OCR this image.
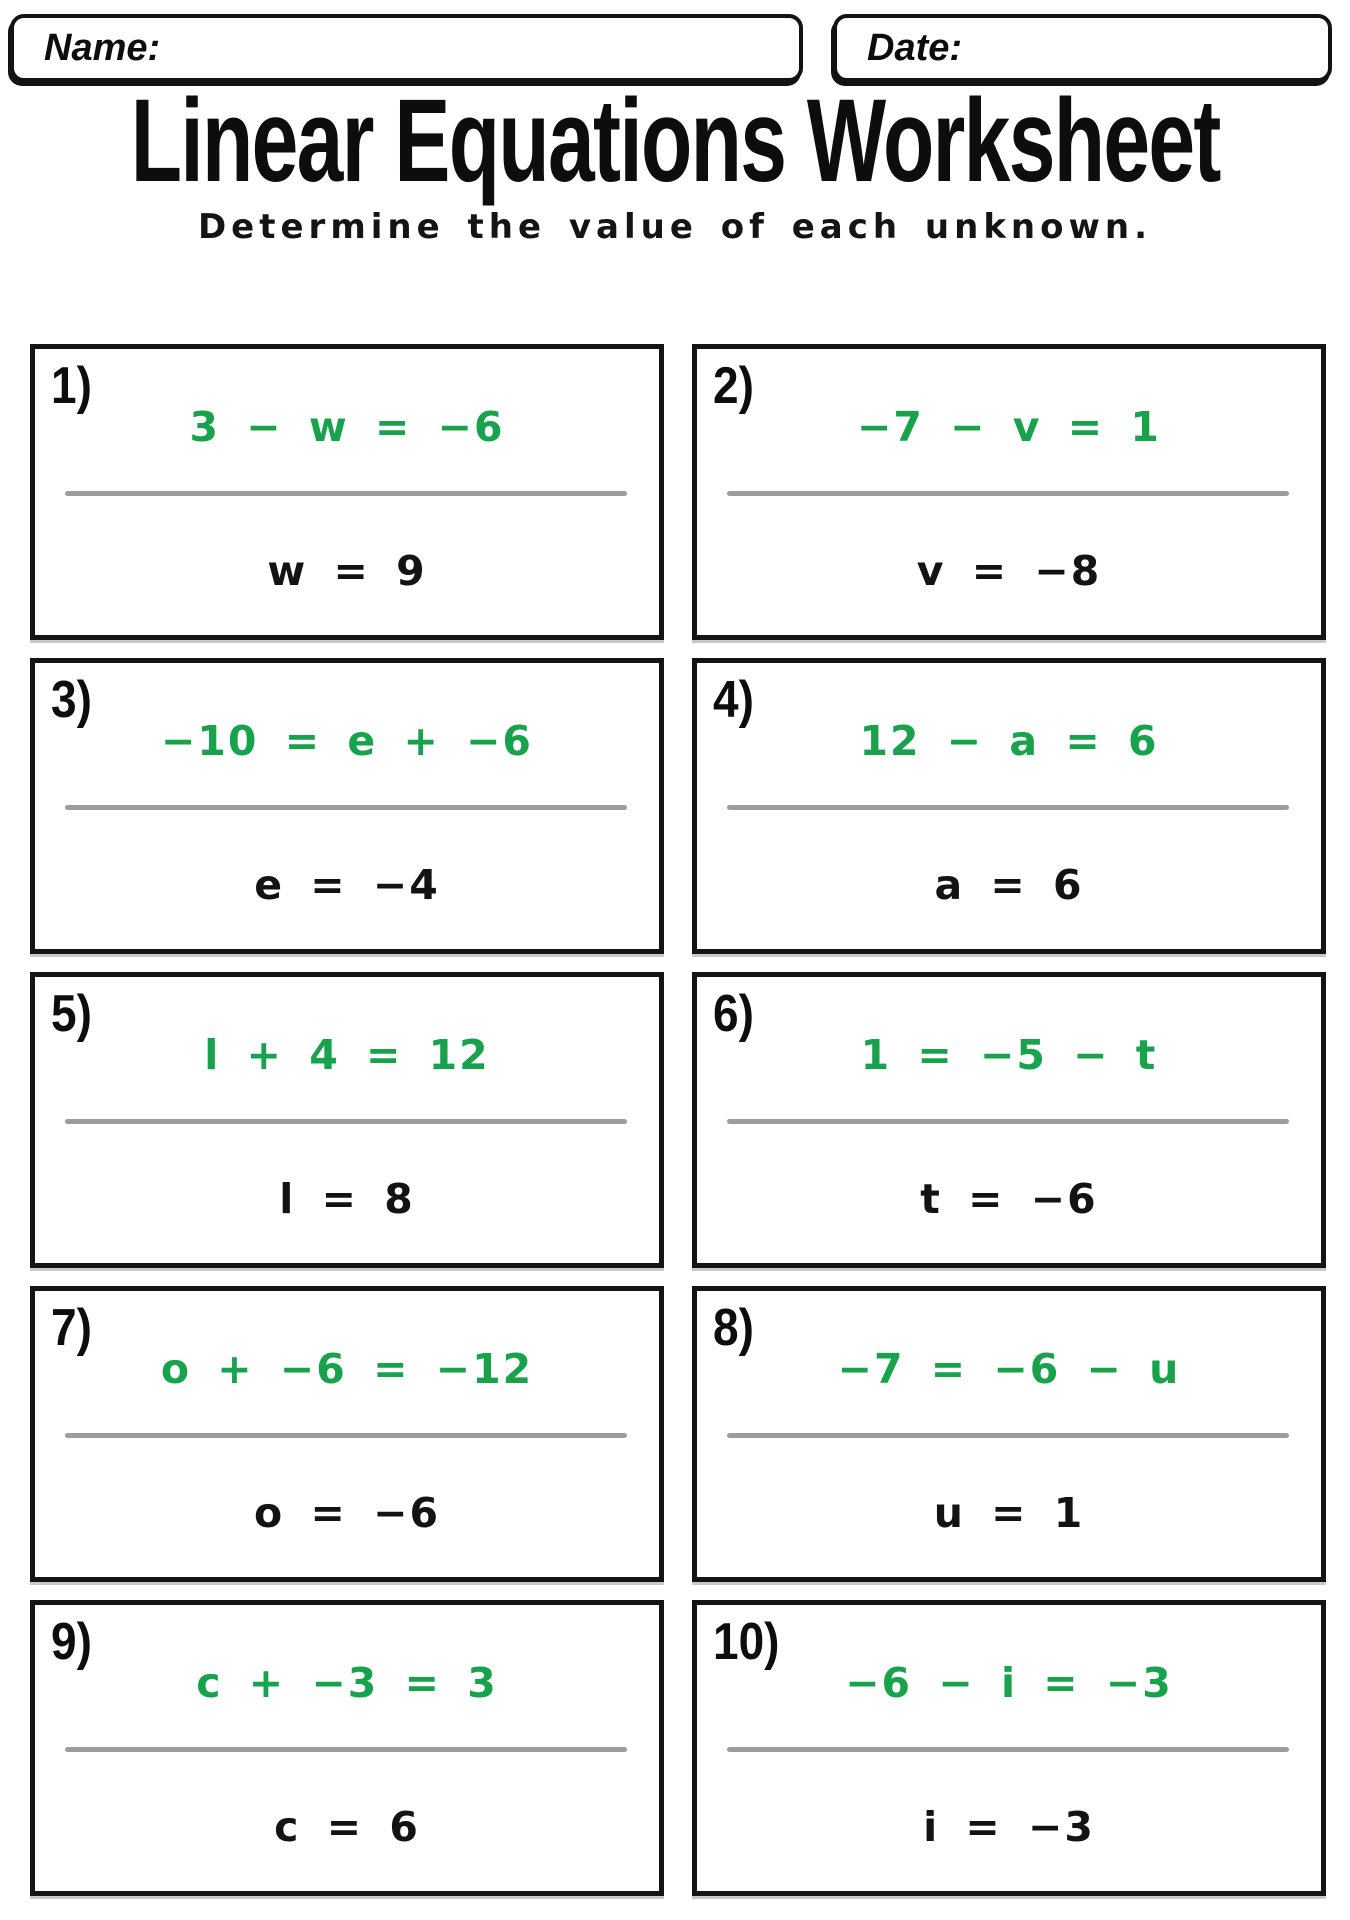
Name:	Date:
Linear Equations Worksheet
Determine the value of each unknown.
1)
3 − w = −6
w = 9
2)
−7 − v = 1
v = −8
3)
−10 = e + −6
e = −4
4)
12 − a = 6
a = 6
5)
l + 4 = 12
l = 8
6)
1 = −5 − t
t = −6
7)
o + −6 = −12
o = −6
8)
−7 = −6 − u
u = 1
9)
c + −3 = 3
c = 6
10)
−6 − i = −3
i = −3
